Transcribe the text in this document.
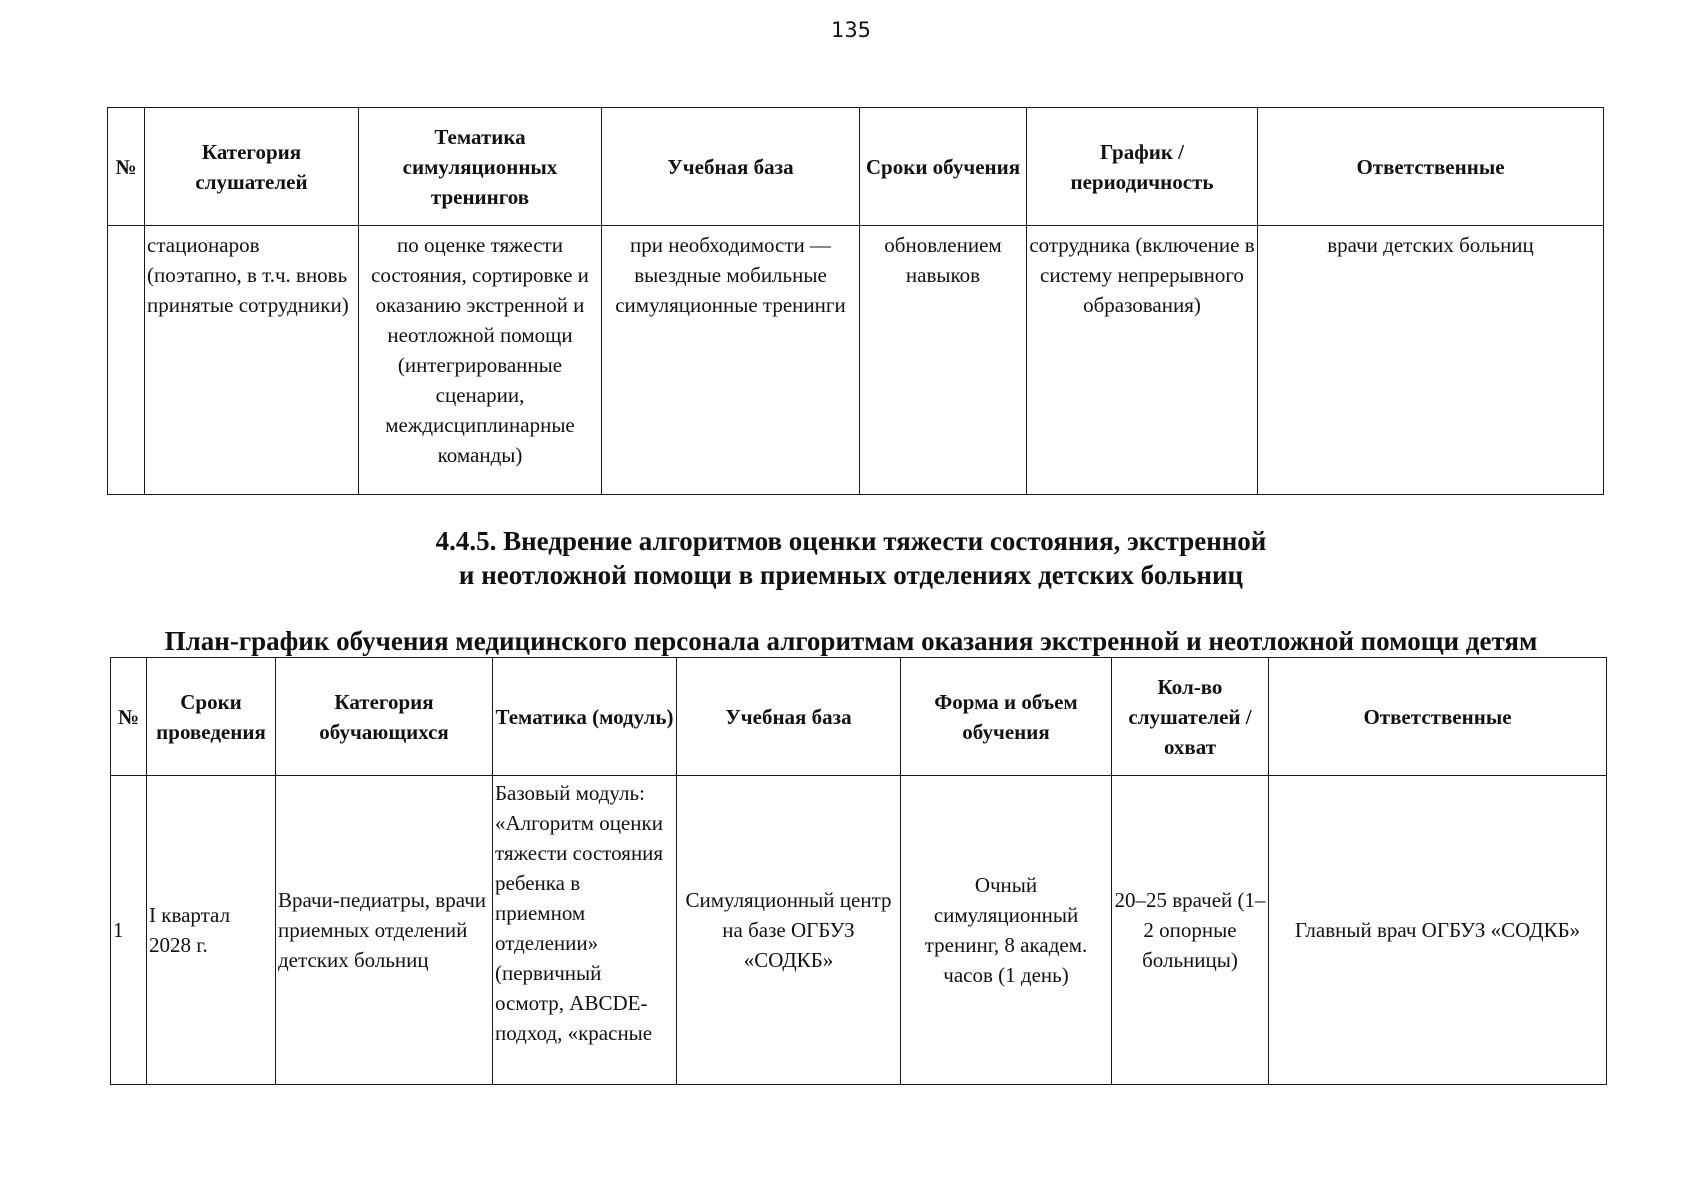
135
№	Категория слушателей	Тематика симуляционных тренингов	Учебная база	Сроки обучения	График / периодичность	Ответственные
	стационаров (поэтапно, в т.ч. вновь принятые сотрудники)	по оценке тяжести состояния, сортировке и оказанию экстренной и неотложной помощи (интегрированные сценарии, междисциплинарные команды)	при необходимости — выездные мобильные симуляционные тренинги	обновлением навыков	сотрудника (включение в систему непрерывного образования)	врачи детских больниц
4.4.5. Внедрение алгоритмов оценки тяжести состояния, экстренной
и неотложной помощи в приемных отделениях детских больниц
План-график обучения медицинского персонала алгоритмам оказания экстренной и неотложной помощи детям
№	Сроки проведения	Категория обучающихся	Тематика (модуль)	Учебная база	Форма и объем обучения	Кол-во слушателей / охват	Ответственные
1	I квартал 2028 г.	Врачи-педиатры, врачи приемных отделений детских больниц	Базовый модуль: «Алгоритм оценки тяжести состояния ребенка в приемном отделении» (первичный осмотр, ABCDE-подход, «красные	Симуляционный центр на базе ОГБУЗ «СОДКБ»	Очный симуляционный тренинг, 8 академ. часов (1 день)	20–25 врачей (1–2 опорные больницы)	Главный врач ОГБУЗ «СОДКБ»
